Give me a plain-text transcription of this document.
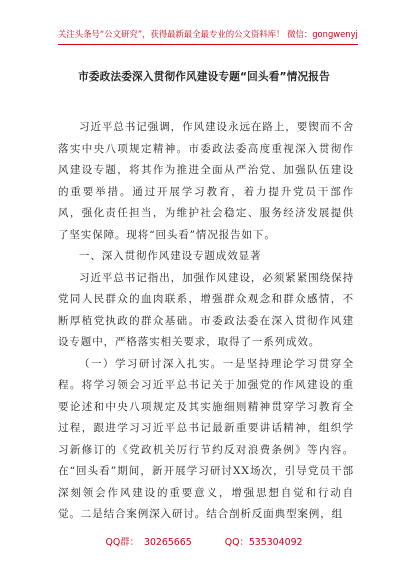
关注头条号“公文研究”，获得最新最全最专业的公文资料库！ 微信：gongwenyj
市委政法委深入贯彻作风建设专题“回头看”情况报告

习近平总书记强调，作风建设永远在路上，要锲而不舍落实中央八项规定精神。市委政法委高度重视深入贯彻作风建设专题，将其作为推进全面从严治党、加强队伍建设的重要举措。通过开展学习教育，着力提升党员干部作风，强化责任担当，为维护社会稳定、服务经济发展提供了坚实保障。现将“回头看”情况报告如下。

一、深入贯彻作风建设专题成效显著

习近平总书记指出，加强作风建设，必须紧紧围绕保持党同人民群众的血肉联系，增强群众观念和群众感情，不断厚植党执政的群众基础。市委政法委在深入贯彻作风建设专题中，严格落实相关要求，取得了一系列成效。

（一）学习研讨深入扎实。一是坚持理论学习贯穿全程。将学习领会习近平总书记关于加强党的作风建设的重要论述和中央八项规定及其实施细则精神贯穿学习教育全过程，跟进学习习近平总书记最新重要讲话精神，组织学习新修订的《党政机关厉行节约反对浪费条例》等内容。在“回头看”期间，新开展学习研讨XX场次，引导党员干部深刻领会作风建设的重要意义，增强思想自觉和行动自觉。二是结合案例深入研讨。结合剖析反面典型案例，组

QQ群： 30265665	QQ：535304092
